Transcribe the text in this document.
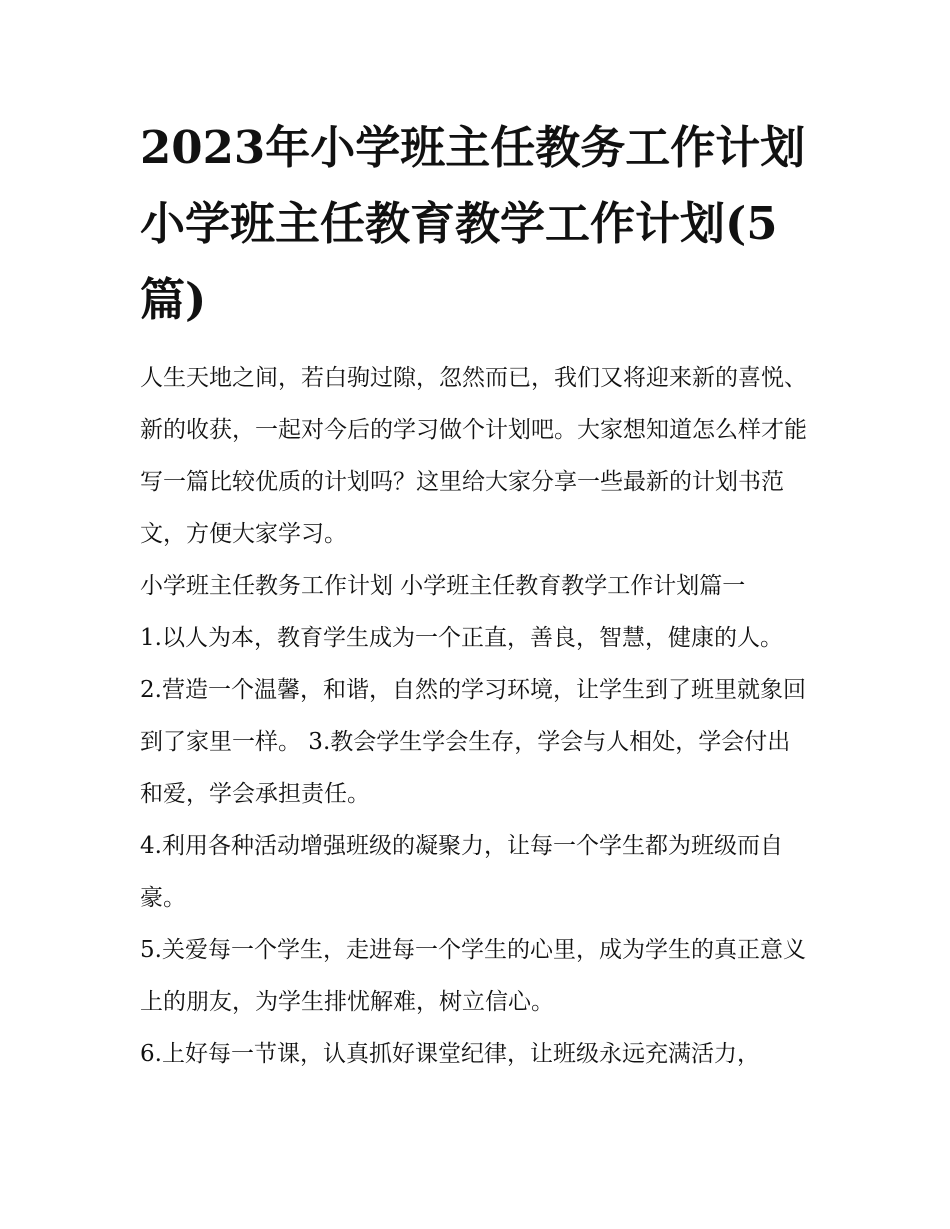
2023年小学班主任教务工作计划 小学班主任教育教学工作计划(5篇)

人生天地之间，若白驹过隙，忽然而已，我们又将迎来新的喜悦、新的收获，一起对今后的学习做个计划吧。大家想知道怎么样才能写一篇比较优质的计划吗？这里给大家分享一些最新的计划书范文，方便大家学习。

小学班主任教务工作计划 小学班主任教育教学工作计划篇一

1.以人为本，教育学生成为一个正直，善良，智慧，健康的人。

2.营造一个温馨，和谐，自然的学习环境，让学生到了班里就象回到了家里一样。 3.教会学生学会生存，学会与人相处，学会付出和爱，学会承担责任。

4.利用各种活动增强班级的凝聚力，让每一个学生都为班级而自豪。

5.关爱每一个学生，走进每一个学生的心里，成为学生的真正意义上的朋友，为学生排忧解难，树立信心。

6.上好每一节课，认真抓好课堂纪律，让班级永远充满活力，
